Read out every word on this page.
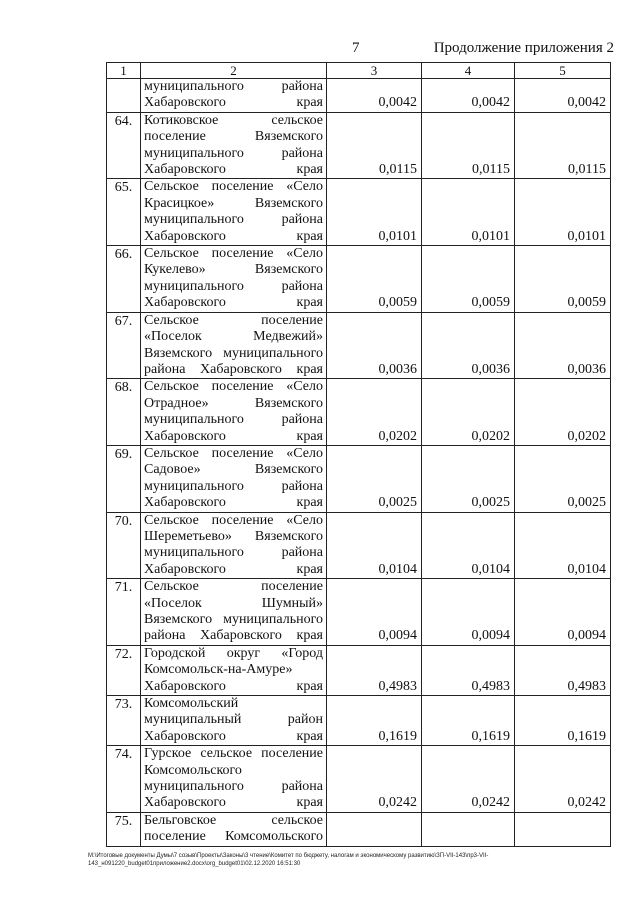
7	Продолжение приложения 2
1	2	3	4	5

	муниципального района
Хабаровского края	0,0042	0,0042	0,0042
64.	Котиковское сельское
поселение Вяземского
муниципального района
Хабаровского края	0,0115	0,0115	0,0115
65.	Сельское поселение «Село
Красицкое» Вяземского
муниципального района
Хабаровского края	0,0101	0,0101	0,0101
66.	Сельское поселение «Село
Кукелево» Вяземского
муниципального района
Хабаровского края	0,0059	0,0059	0,0059
67.	Сельское поселение
«Поселок Медвежий»
Вяземского муниципального
района Хабаровского края	0,0036	0,0036	0,0036
68.	Сельское поселение «Село
Отрадное» Вяземского
муниципального района
Хабаровского края	0,0202	0,0202	0,0202
69.	Сельское поселение «Село
Садовое» Вяземского
муниципального района
Хабаровского края	0,0025	0,0025	0,0025
70.	Сельское поселение «Село
Шереметьево» Вяземского
муниципального района
Хабаровского края	0,0104	0,0104	0,0104
71.	Сельское поселение
«Поселок Шумный»
Вяземского муниципального
района Хабаровского края	0,0094	0,0094	0,0094
72.	Городской округ «Город
Комсомольск-на-Амуре»
Хабаровского края	0,4983	0,4983	0,4983
73.	Комсомольский
муниципальный район
Хабаровского края	0,1619	0,1619	0,1619
74.	Гурское сельское поселение
Комсомольского
муниципального района
Хабаровского края	0,0242	0,0242	0,0242
75.	Бельговское сельское
поселение Комсомольского			

М:\Итоговые документы Думы\7 созыв\Проекты\Законы\3 чтение\Комитет по бюджету, налогам и экономическому развитию\ЗП-VII-143\пр3-VII-
143_н091220_budget01приложение2.docx\org_budget01\02.12.2020 16:51:30
